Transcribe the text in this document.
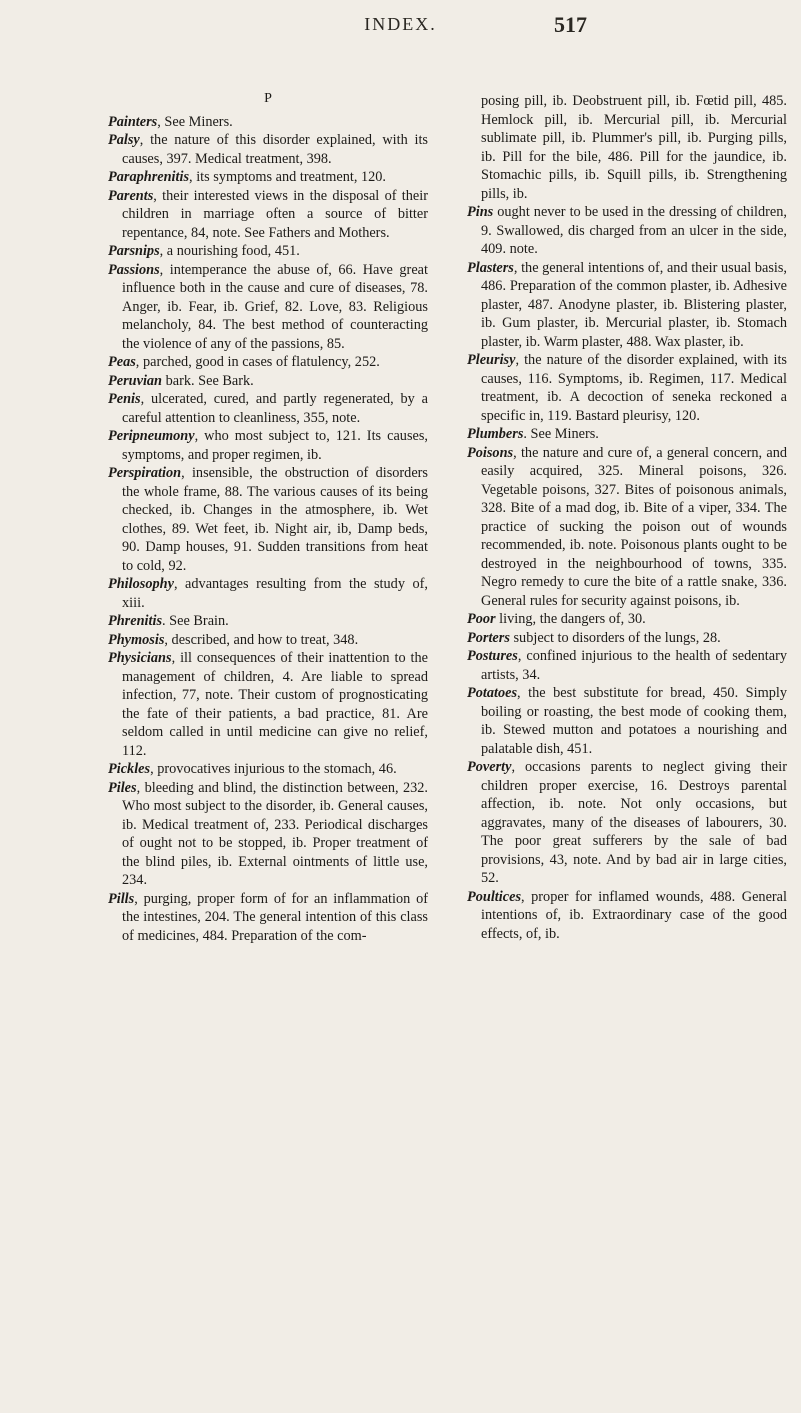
INDEX.	517
P

Painters, See Miners.

Palsy, the nature of this disorder explained, with its causes, 397. Medical treatment, 398.

Paraphrenitis, its symptoms and treatment, 120.

Parents, their interested views in the disposal of their children in marriage often a source of bitter repentance, 84, note. See Fathers and Mothers.

Parsnips, a nourishing food, 451.

Passions, intemperance the abuse of, 66. Have great influence both in the cause and cure of diseases, 78. Anger, ib. Fear, ib. Grief, 82. Love, 83. Religious melancholy, 84. The best method of counteracting the violence of any of the passions, 85.

Peas, parched, good in cases of flatulency, 252.

Peruvian bark. See Bark.

Penis, ulcerated, cured, and partly regenerated, by a careful attention to cleanliness, 355, note.

Peripneumony, who most subject to, 121. Its causes, symptoms, and proper regimen, ib.

Perspiration, insensible, the obstruction of disorders the whole frame, 88. The various causes of its being checked, ib. Changes in the atmosphere, ib. Wet clothes, 89. Wet feet, ib. Night air, ib, Damp beds, 90. Damp houses, 91. Sudden transitions from heat to cold, 92.

Philosophy, advantages resulting from the study of, xiii.

Phrenitis. See Brain.

Phymosis, described, and how to treat, 348.

Physicians, ill consequences of their inattention to the management of children, 4. Are liable to spread infection, 77, note. Their custom of prognosticating the fate of their patients, a bad practice, 81. Are seldom called in until medicine can give no relief, 112.

Pickles, provocatives injurious to the stomach, 46.

Piles, bleeding and blind, the distinction between, 232. Who most subject to the disorder, ib. General causes, ib. Medical treatment of, 233. Periodical discharges of ought not to be stopped, ib. Proper treatment of the blind piles, ib. External ointments of little use, 234.

Pills, purging, proper form of for an inflammation of the intestines, 204. The general intention of this class of medicines, 484. Preparation of the com-

posing pill, ib. Deobstruent pill, ib. Fœtid pill, 485. Hemlock pill, ib. Mercurial pill, ib. Mercurial sublimate pill, ib. Plummer's pill, ib. Purging pills, ib. Pill for the bile, 486. Pill for the jaundice, ib. Stomachic pills, ib. Squill pills, ib. Strengthening pills, ib.

Pins ought never to be used in the dressing of children, 9. Swallowed, dis charged from an ulcer in the side, 409. note.

Plasters, the general intentions of, and their usual basis, 486. Preparation of the common plaster, ib. Adhesive plaster, 487. Anodyne plaster, ib. Blistering plaster, ib. Gum plaster, ib. Mercurial plaster, ib. Stomach plaster, ib. Warm plaster, 488. Wax plaster, ib.

Pleurisy, the nature of the disorder explained, with its causes, 116. Symptoms, ib. Regimen, 117. Medical treatment, ib. A decoction of seneka reckoned a specific in, 119. Bastard pleurisy, 120.

Plumbers. See Miners.

Poisons, the nature and cure of, a general concern, and easily acquired, 325. Mineral poisons, 326. Vegetable poisons, 327. Bites of poisonous animals, 328. Bite of a mad dog, ib. Bite of a viper, 334. The practice of sucking the poison out of wounds recommended, ib. note. Poisonous plants ought to be destroyed in the neighbourhood of towns, 335. Negro remedy to cure the bite of a rattle snake, 336. General rules for security against poisons, ib.

Poor living, the dangers of, 30.

Porters subject to disorders of the lungs, 28.

Postures, confined injurious to the health of sedentary artists, 34.

Potatoes, the best substitute for bread, 450. Simply boiling or roasting, the best mode of cooking them, ib. Stewed mutton and potatoes a nourishing and palatable dish, 451.

Poverty, occasions parents to neglect giving their children proper exercise, 16. Destroys parental affection, ib. note. Not only occasions, but aggravates, many of the diseases of labourers, 30. The poor great sufferers by the sale of bad provisions, 43, note. And by bad air in large cities, 52.

Poultices, proper for inflamed wounds, 488. General intentions of, ib. Extraordinary case of the good effects, of, ib.
